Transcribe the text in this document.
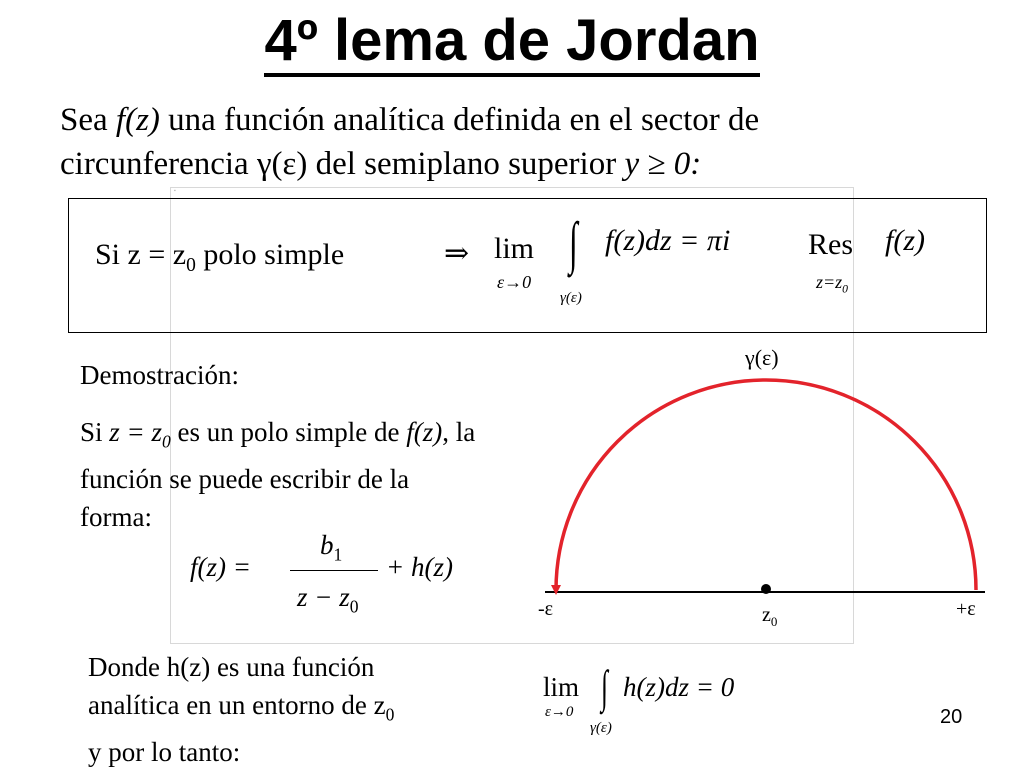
4º lema de Jordan
Sea f(z) una función analítica definida en el sector de
circunferencia γ(ε) del semiplano superior y ≥ 0:
▪
Si $z = z_0$ polo simple	⇒ lim
ε→0
∫
γ(ε)
f(z)dz = πi	Res f(z)
$z=z_0$
Demostración:
Si $z = z_0$ es un polo simple de f(z), la
función se puede escribir de la
forma:
f(z) =
$b_1$
$z - z_0$
+ h(z)
γ(ε)
-ε	+ε
$z_0$
Donde h(z) es una función
analítica en un entorno de $z_0$
y por lo tanto:
lim
ε→0 ∫
γ(ε)
h(z)dz = 0
20
